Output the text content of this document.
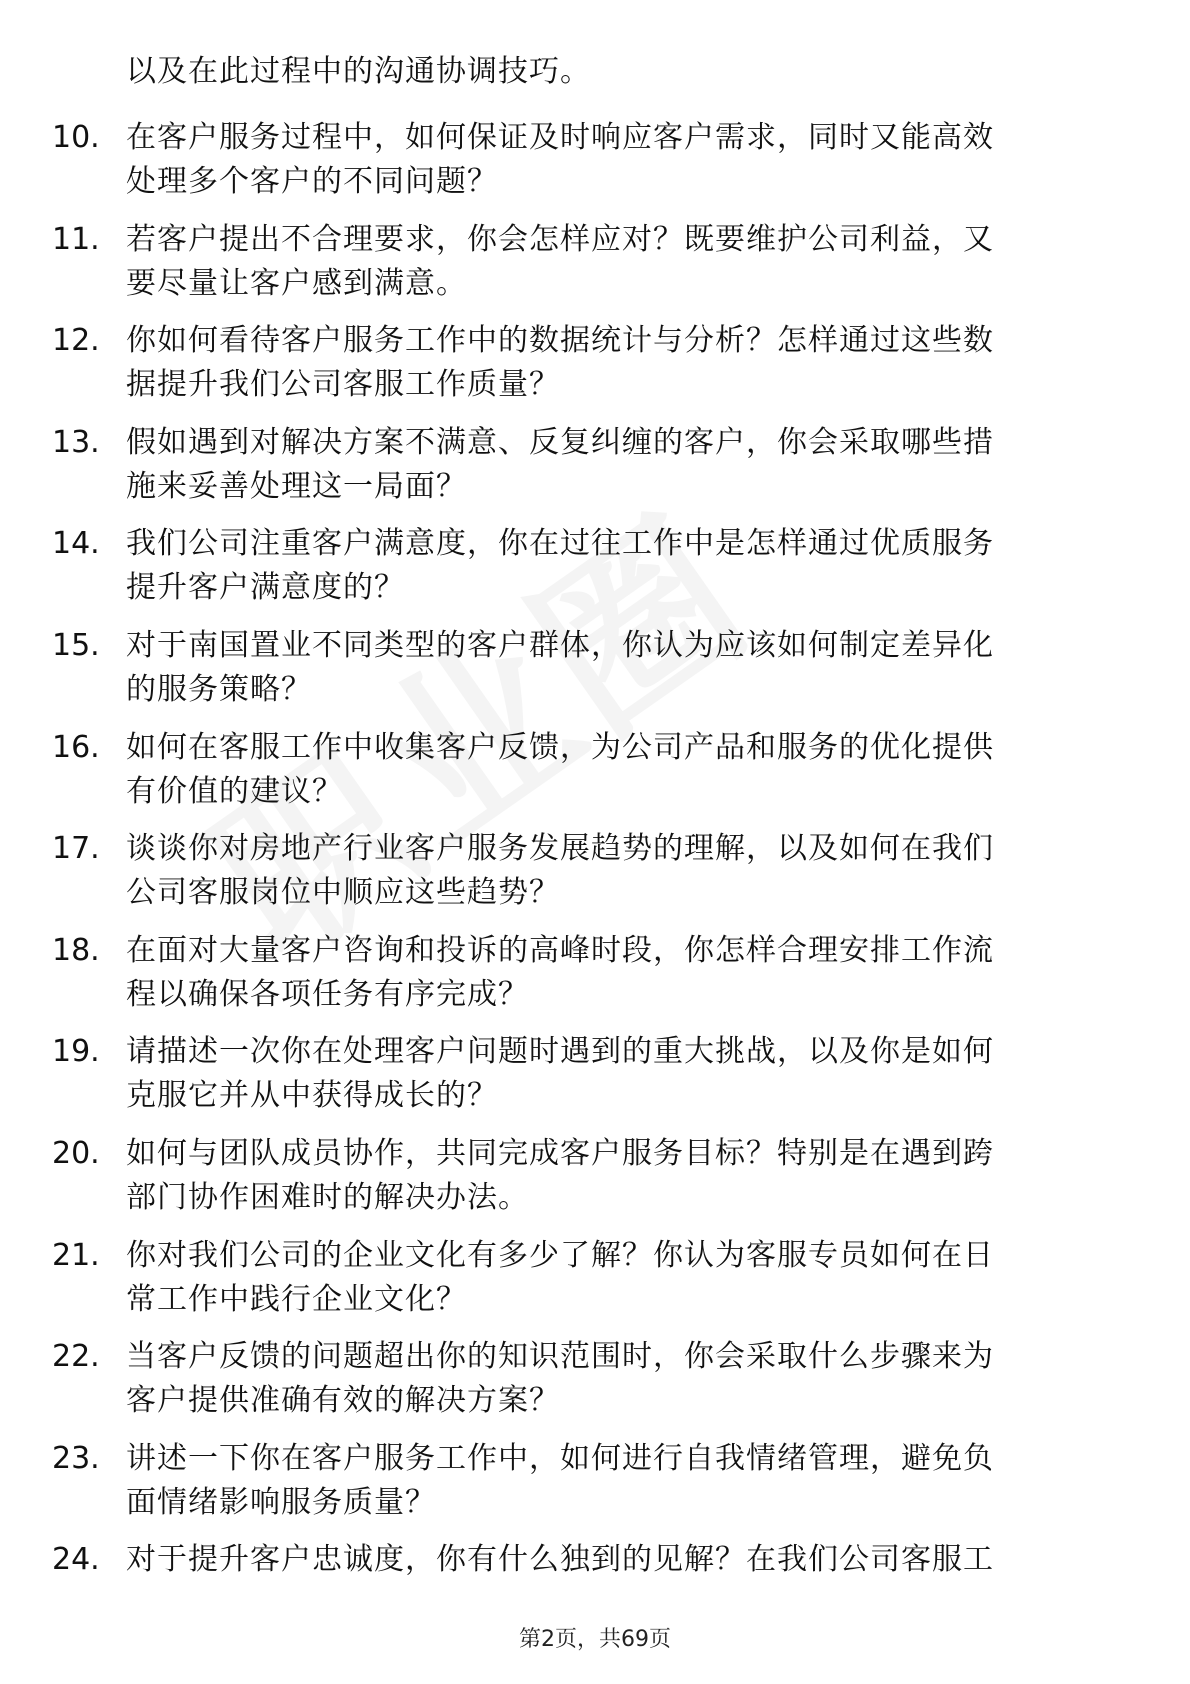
以及在此过程中的沟通协调技巧。
10. 在客户服务过程中，如何保证及时响应客户需求，同时又能高效
处理多个客户的不同问题？
11. 若客户提出不合理要求，你会怎样应对？既要维护公司利益，又
要尽量让客户感到满意。
12. 你如何看待客户服务工作中的数据统计与分析？怎样通过这些数
据提升我们公司客服工作质量？
13. 假如遇到对解决方案不满意、反复纠缠的客户，你会采取哪些措
施来妥善处理这一局面？
14. 我们公司注重客户满意度，你在过往工作中是怎样通过优质服务
提升客户满意度的？
15. 对于南国置业不同类型的客户群体，你认为应该如何制定差异化
的服务策略？
16. 如何在客服工作中收集客户反馈，为公司产品和服务的优化提供
有价值的建议？
17. 谈谈你对房地产行业客户服务发展趋势的理解，以及如何在我们
公司客服岗位中顺应这些趋势？
18. 在面对大量客户咨询和投诉的高峰时段，你怎样合理安排工作流
程以确保各项任务有序完成？
19. 请描述一次你在处理客户问题时遇到的重大挑战，以及你是如何
克服它并从中获得成长的？
20. 如何与团队成员协作，共同完成客户服务目标？特别是在遇到跨
部门协作困难时的解决办法。
21. 你对我们公司的企业文化有多少了解？你认为客服专员如何在日
常工作中践行企业文化？
22. 当客户反馈的问题超出你的知识范围时，你会采取什么步骤来为
客户提供准确有效的解决方案？
23. 讲述一下你在客户服务工作中，如何进行自我情绪管理，避免负
面情绪影响服务质量？
24. 对于提升客户忠诚度，你有什么独到的见解？在我们公司客服工
第2页，共69页
